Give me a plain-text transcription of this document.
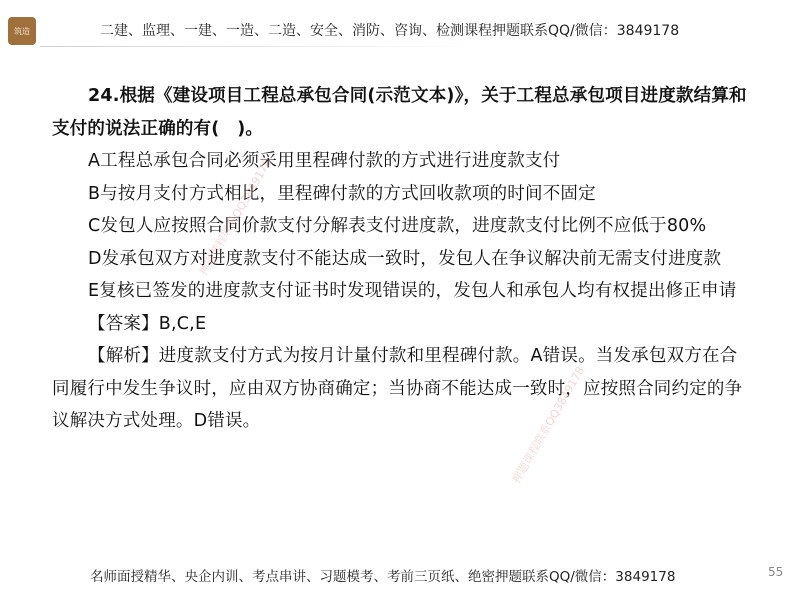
筑造	二建、监理、一建、一造、二造、安全、消防、咨询、检测课程押题联系QQ/微信：3849178

24.根据《建设项目工程总承包合同(示范文本)》，关于工程总承包项目进度款结算和支付的说法正确的有(　)。

A工程总承包合同必须采用里程碑付款的方式进行进度款支付

B与按月支付方式相比，里程碑付款的方式回收款项的时间不固定

C发包人应按照合同价款支付分解表支付进度款，进度款支付比例不应低于80%

D发承包双方对进度款支付不能达成一致时，发包人在争议解决前无需支付进度款

E复核已签发的进度款支付证书时发现错误的，发包人和承包人均有权提出修正申请

【答案】B,C,E

【解析】进度款支付方式为按月计量付款和里程碑付款。A错误。当发承包双方在合同履行中发生争议时，应由双方协商确定；当协商不能达成一致时，应按照合同约定的争议解决方式处理。D错误。

押题课程联系QQ3849178
押题课程联系QQ3849178
名师面授精华、央企内训、考点串讲、习题模考、考前三页纸、绝密押题联系QQ/微信：3849178	55
